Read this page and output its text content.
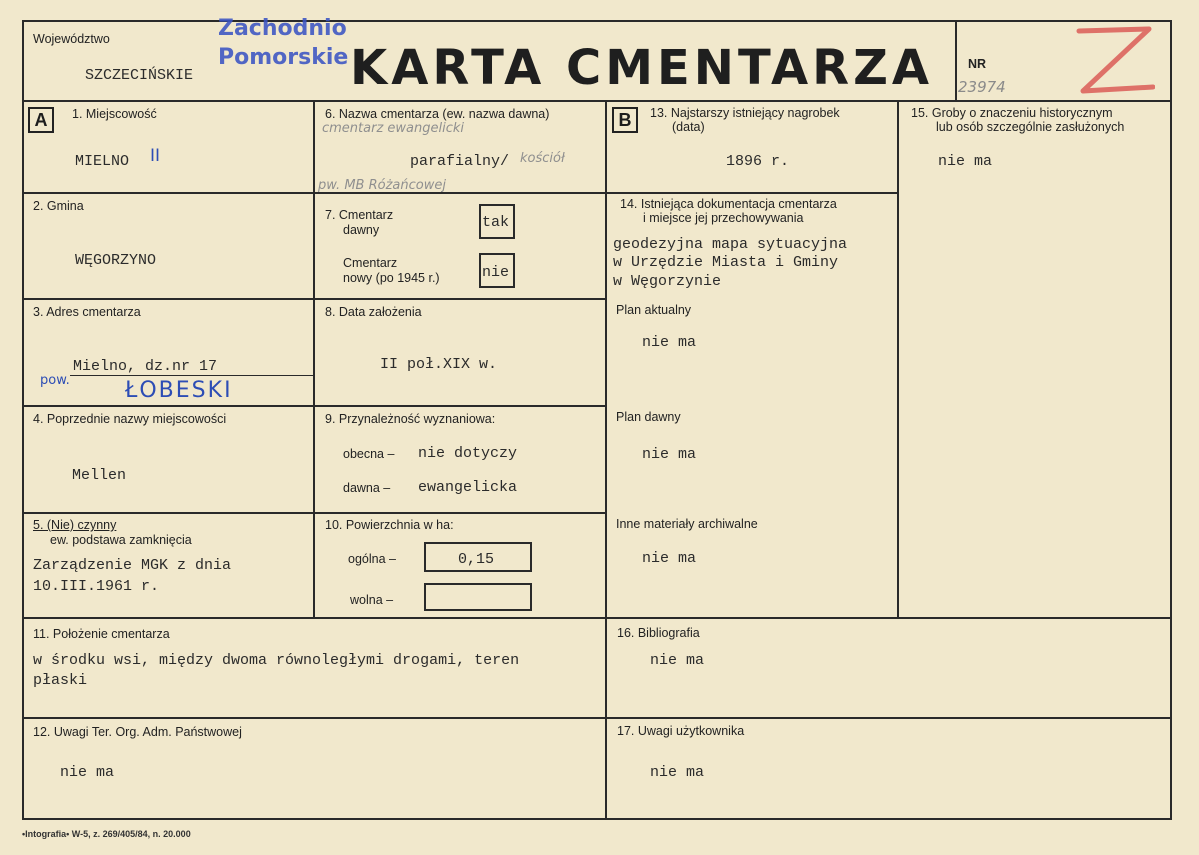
Województwo
SZCZECIŃSKIE
Zachodnio
Pomorskie KARTA CMENTARZA	NR
23974
A	B
1. Miejscowość
MIELNO II
2. Gmina
WĘGORZYNO
3. Adres cmentarza
Mielno, dz.nr 17
pow.	ŁOBESKI
4. Poprzednie nazwy miejscowości
Mellen
5. (Nie) czynny
ew. podstawa zamknięcia
Zarządzenie MGK z dnia
10.III.1961 r.
6. Nazwa cmentarza (ew. nazwa dawna)
cmentarz ewangelicki
parafialny/ kościół
pw. MB Różańcowej
7. Cmentarz
dawny	tak
Cmentarz
nowy (po 1945 r.)	nie
8. Data założenia
II poł.XIX w.
9. Przynależność wyznaniowa:
obecna – nie dotyczy
dawna – ewangelicka
10. Powierzchnia w ha:
ogólna –	0,15
wolna –
11. Położenie cmentarza
w środku wsi, między dwoma równoległymi drogami, teren
płaski
12. Uwagi Ter. Org. Adm. Państwowej
nie ma
13. Najstarszy istniejący nagrobek
(data)
1896 r.
14. Istniejąca dokumentacja cmentarza
i miejsce jej przechowywania
geodezyjna mapa sytuacyjna
w Urzędzie Miasta i Gminy
w Węgorzynie
Plan aktualny
nie ma
Plan dawny
nie ma
Inne materiały archiwalne
nie ma
15. Groby o znaczeniu historycznym
lub osób szczególnie zasłużonych
nie ma
16. Bibliografia
nie ma
17. Uwagi użytkownika
nie ma
•Intografia• W-5, z. 269/405/84, n. 20.000
